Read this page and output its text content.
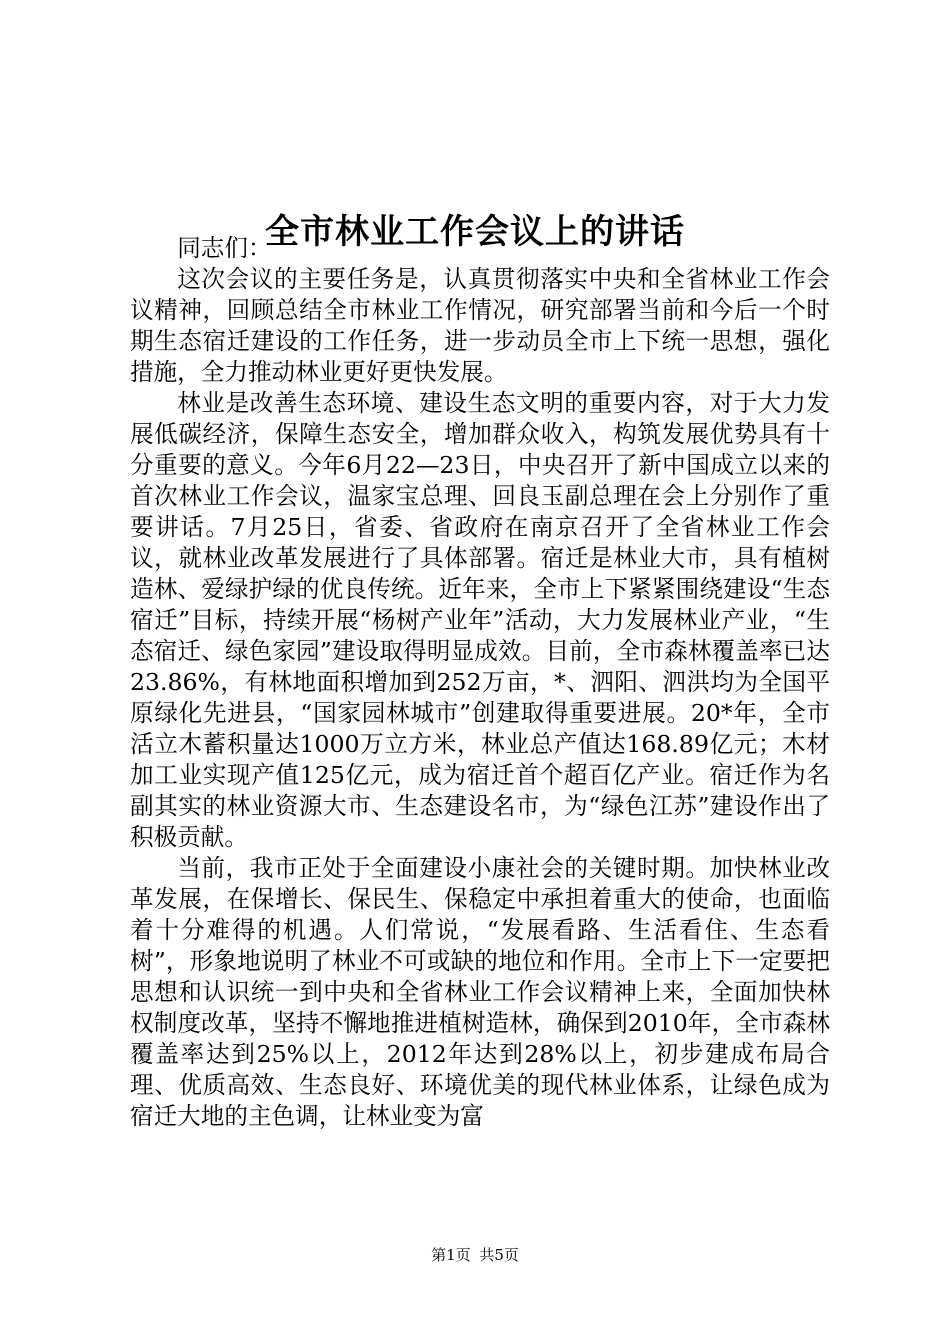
全市林业工作会议上的讲话

同志们：

这次会议的主要任务是，认真贯彻落实中央和全省林业工作会议精神，回顾总结全市林业工作情况，研究部署当前和今后一个时期生态宿迁建设的工作任务，进一步动员全市上下统一思想，强化措施，全力推动林业更好更快发展。

林业是改善生态环境、建设生态文明的重要内容，对于大力发展低碳经济，保障生态安全，增加群众收入，构筑发展优势具有十分重要的意义。今年6月22—23日，中央召开了新中国成立以来的首次林业工作会议，温家宝总理、回良玉副总理在会上分别作了重要讲话。7月25日，省委、省政府在南京召开了全省林业工作会议，就林业改革发展进行了具体部署。宿迁是林业大市，具有植树造林、爱绿护绿的优良传统。近年来，全市上下紧紧围绕建设“生态宿迁”目标，持续开展“杨树产业年”活动，大力发展林业产业，“生态宿迁、绿色家园”建设取得明显成效。目前，全市森林覆盖率已达23.86%，有林地面积增加到252万亩，*、泗阳、泗洪均为全国平原绿化先进县，“国家园林城市”创建取得重要进展。20*年，全市活立木蓄积量达1000万立方米，林业总产值达168.89亿元；木材加工业实现产值125亿元，成为宿迁首个超百亿产业。宿迁作为名副其实的林业资源大市、生态建设名市，为“绿色江苏”建设作出了积极贡献。

当前，我市正处于全面建设小康社会的关键时期。加快林业改革发展，在保增长、保民生、保稳定中承担着重大的使命，也面临着十分难得的机遇。人们常说，“发展看路、生活看住、生态看树”，形象地说明了林业不可或缺的地位和作用。全市上下一定要把思想和认识统一到中央和全省林业工作会议精神上来，全面加快林权制度改革，坚持不懈地推进植树造林，确保到2010年，全市森林覆盖率达到25%以上，2012年达到28%以上，初步建成布局合理、优质高效、生态良好、环境优美的现代林业体系，让绿色成为宿迁大地的主色调，让林业变为富

第1页 共5页
